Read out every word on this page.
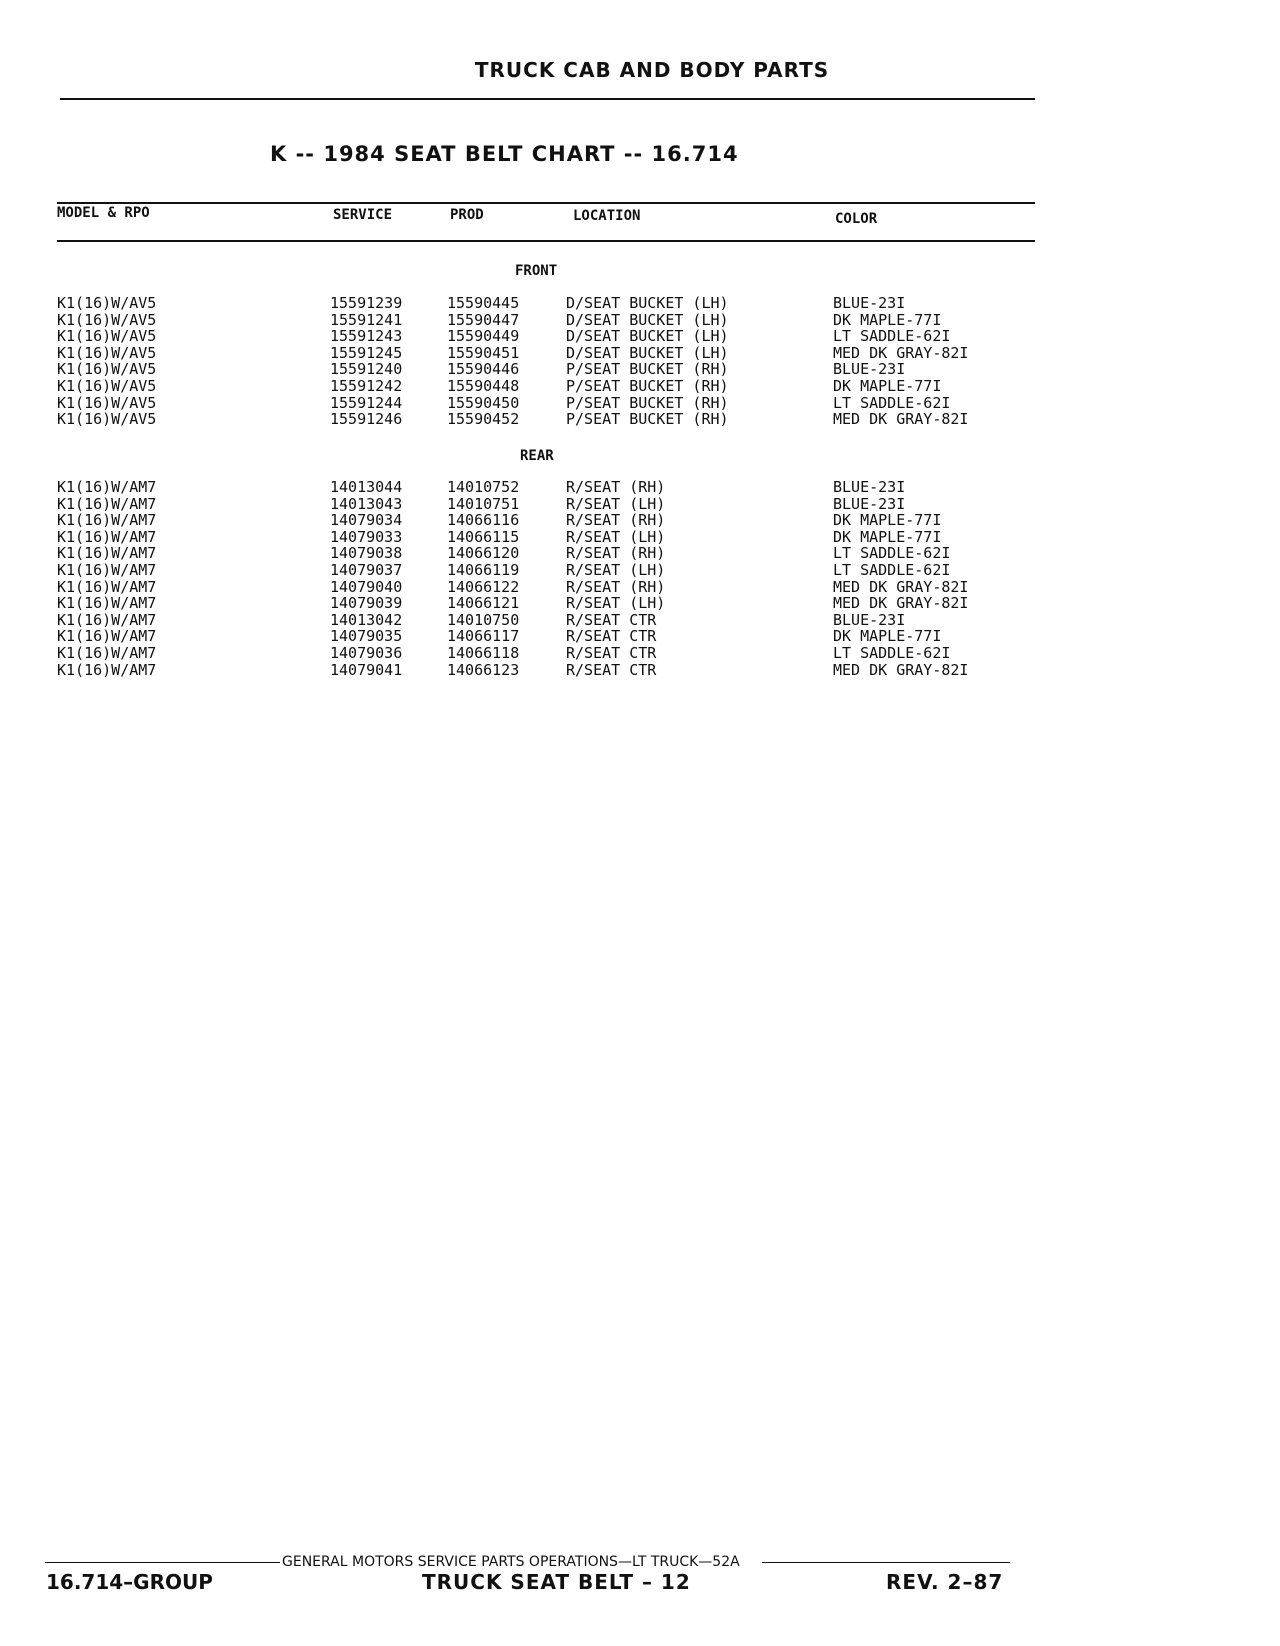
TRUCK CAB AND BODY PARTS
K -- 1984 SEAT BELT CHART -- 16.714
MODEL & RPO	SERVICE	PROD	LOCATION	COLOR
FRONT
K1(16)W/AV5	15591239	15590445	D/SEAT BUCKET (LH)	BLUE-23I
K1(16)W/AV5	15591241	15590447	D/SEAT BUCKET (LH)	DK MAPLE-77I
K1(16)W/AV5	15591243	15590449	D/SEAT BUCKET (LH)	LT SADDLE-62I
K1(16)W/AV5	15591245	15590451	D/SEAT BUCKET (LH)	MED DK GRAY-82I
K1(16)W/AV5	15591240	15590446	P/SEAT BUCKET (RH)	BLUE-23I
K1(16)W/AV5	15591242	15590448	P/SEAT BUCKET (RH)	DK MAPLE-77I
K1(16)W/AV5	15591244	15590450	P/SEAT BUCKET (RH)	LT SADDLE-62I
K1(16)W/AV5	15591246	15590452	P/SEAT BUCKET (RH)	MED DK GRAY-82I
REAR
K1(16)W/AM7	14013044	14010752	R/SEAT (RH)	BLUE-23I
K1(16)W/AM7	14013043	14010751	R/SEAT (LH)	BLUE-23I
K1(16)W/AM7	14079034	14066116	R/SEAT (RH)	DK MAPLE-77I
K1(16)W/AM7	14079033	14066115	R/SEAT (LH)	DK MAPLE-77I
K1(16)W/AM7	14079038	14066120	R/SEAT (RH)	LT SADDLE-62I
K1(16)W/AM7	14079037	14066119	R/SEAT (LH)	LT SADDLE-62I
K1(16)W/AM7	14079040	14066122	R/SEAT (RH)	MED DK GRAY-82I
K1(16)W/AM7	14079039	14066121	R/SEAT (LH)	MED DK GRAY-82I
K1(16)W/AM7	14013042	14010750	R/SEAT CTR	BLUE-23I
K1(16)W/AM7	14079035	14066117	R/SEAT CTR	DK MAPLE-77I
K1(16)W/AM7	14079036	14066118	R/SEAT CTR	LT SADDLE-62I
K1(16)W/AM7	14079041	14066123	R/SEAT CTR	MED DK GRAY-82I
GENERAL MOTORS SERVICE PARTS OPERATIONS—LT TRUCK—52A
16.714–GROUP	TRUCK SEAT BELT – 12	REV. 2–87
